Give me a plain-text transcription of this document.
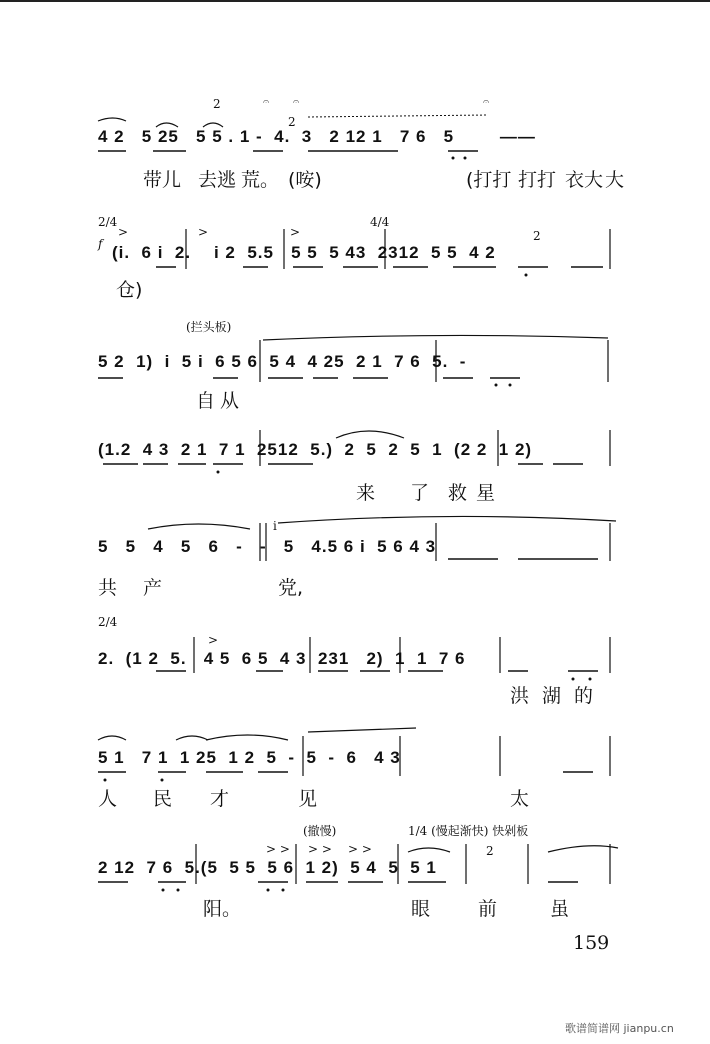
2
2
𝄐 𝄐	𝄐
4 2   5 25   5 5 . 1 -  4.  3   2 12 1   7 6   5        ——
带儿 去逃 荒。 (咹)	(打打 打打 衣大 大
2/4	4/4
f
>	>	>	2
(i.  6 i  2.    i 2  5.5   5 5  5 43  2312  5 5  4 2
仓)
(拦头板)
5 2  1)  i  5 i  6 5 6  5 4  4 25  2 1  7 6  5.  -
自 从
(1.2  4 3  2 1  7 1  2512  5.)  2  5  2  5  1  (2 2  1 2)
来 了 救 星
i
5   5   4   5   6   -   -   5   4.5 6 i  5 6 4 3
共 产	党,
2/4
>
2.  (1 2  5.   4 5  6 5  4 3  231   2)  1  1  7 6
洪 湖 的
5 1   7 1  1 25  1 2  5  -  5  -  6   4 3
人 民 才	见	太
(撤慢)	1/4 (慢起渐快) 快剁板
> > > > > >	2
2 12  7 6  5.(5  5 5  5 6  1 2)  5 4  5  5 1
阳。	眼	前	虽
159
歌谱简谱网 jianpu.cn
